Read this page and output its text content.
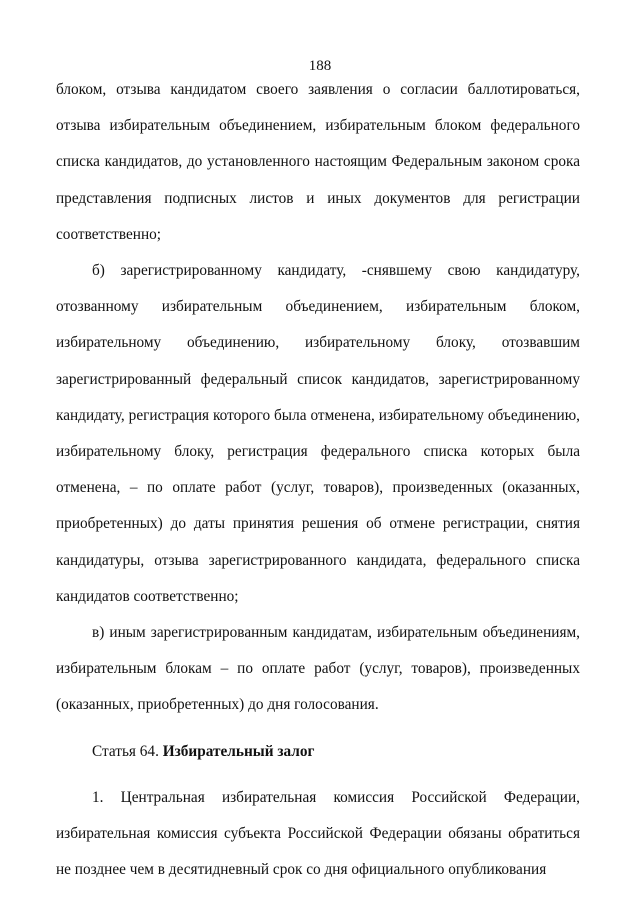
188

блоком, отзыва кандидатом своего заявления о согласии баллотироваться, отзыва избирательным объединением, избирательным блоком федерального списка кандидатов, до установленного настоящим Федеральным законом срока представления подписных листов и иных документов для регистрации соответственно;

б) зарегистрированному кандидату, -снявшему свою кандидатуру, отозванному избирательным объединением, избирательным блоком, избирательному объединению, избирательному блоку, отозвавшим зарегистрированный федеральный список кандидатов, зарегистрированному кандидату, регистрация которого была отменена, избирательному объединению, избирательному блоку, регистрация федерального списка которых была отменена, – по оплате работ (услуг, товаров), произведенных (оказанных, приобретенных) до даты принятия решения об отмене регистрации, снятия кандидатуры, отзыва зарегистрированного кандидата, федерального списка кандидатов соответственно;

в) иным зарегистрированным кандидатам, избирательным объединениям, избирательным блокам – по оплате работ (услуг, товаров), произведенных (оказанных, приобретенных) до дня голосования.

Статья 64. Избирательный залог

1. Центральная избирательная комиссия Российской Федерации, избирательная комиссия субъекта Российской Федерации обязаны обратиться не позднее чем в десятидневный срок со дня официального опубликования
